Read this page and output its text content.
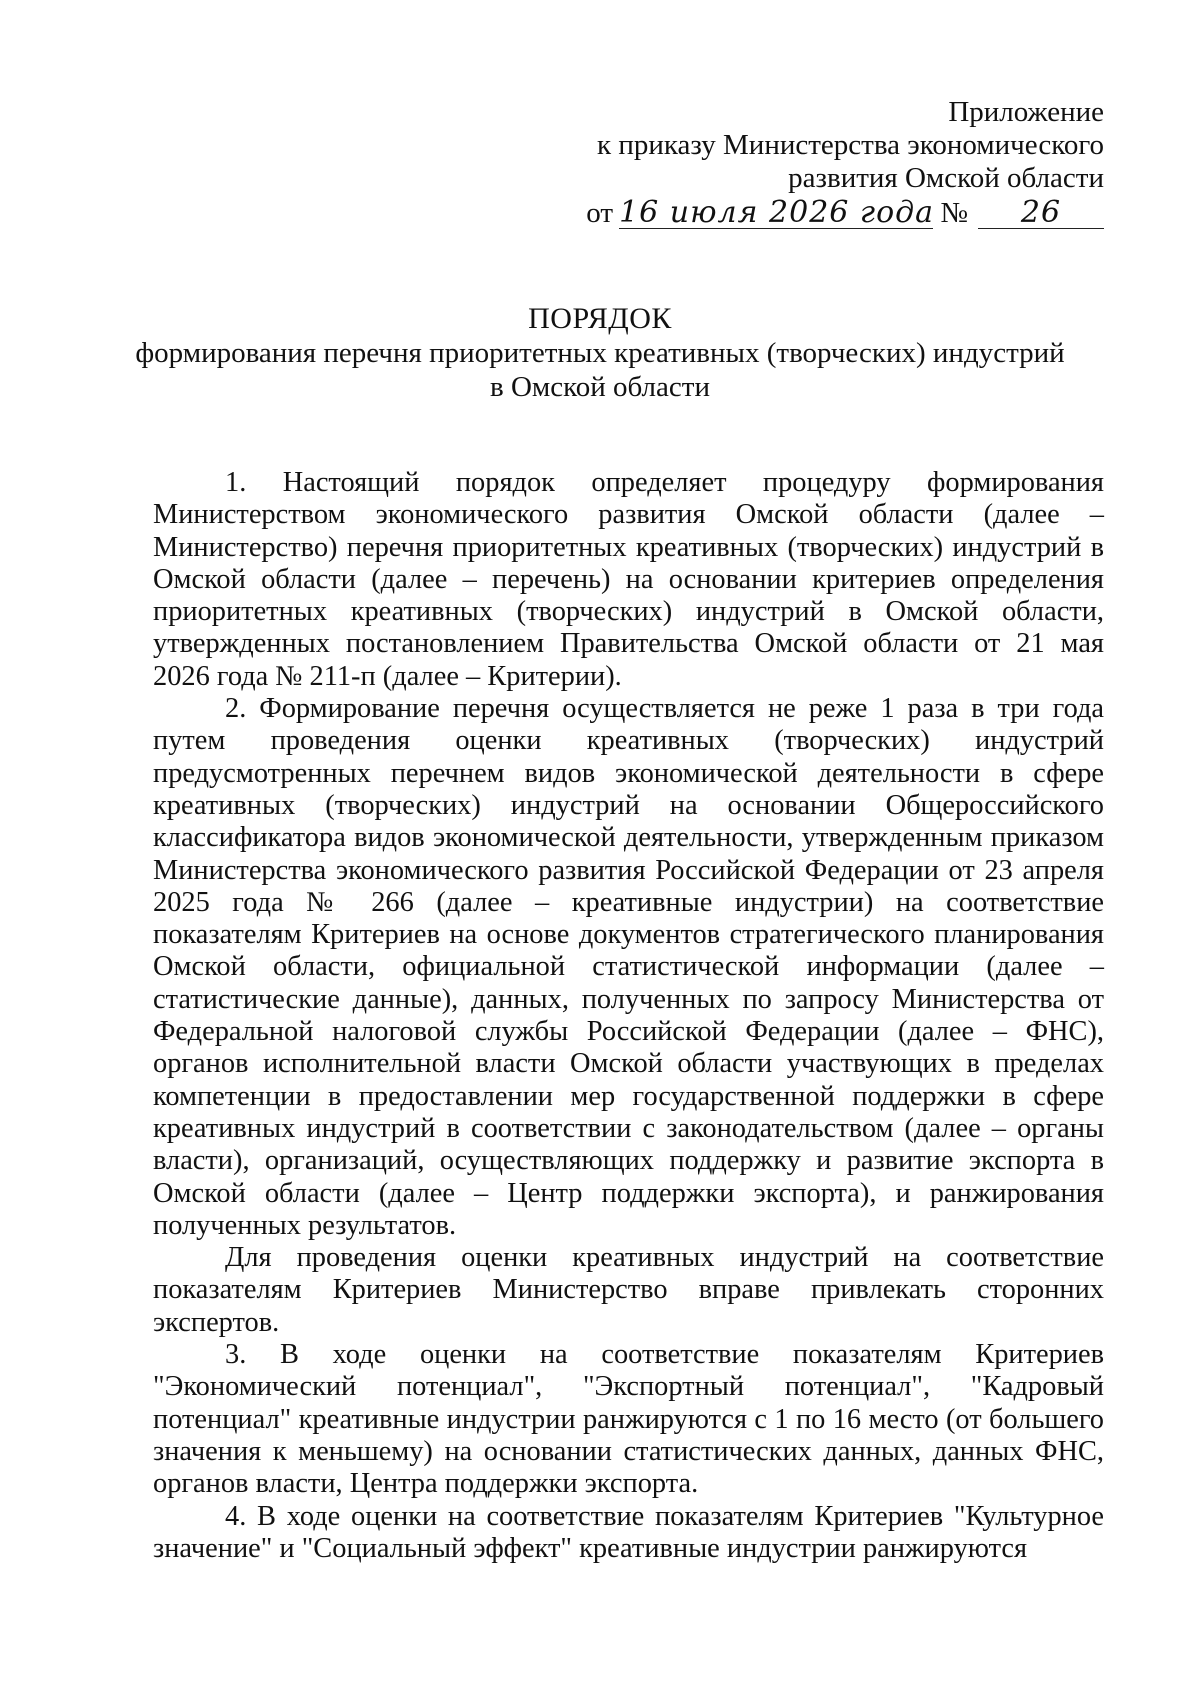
Приложение
к приказу Министерства экономического
развития Омской области
от 16 июля 2026 года № 26
ПОРЯДОК
формирования перечня приоритетных креативных (творческих) индустрий
в Омской области

1. Настоящий порядок определяет процедуру формирования Министерством экономического развития Омской области (далее – Министерство) перечня приоритетных креативных (творческих) индустрий в Омской области (далее – перечень) на основании критериев определения приоритетных креативных (творческих) индустрий в Омской области, утвержденных постановлением Правительства Омской области от 21 мая 2026 года № 211-п (далее – Критерии).

2. Формирование перечня осуществляется не реже 1 раза в три года путем проведения оценки креативных (творческих) индустрий предусмотренных перечнем видов экономической деятельности в сфере креативных (творческих) индустрий на основании Общероссийского классификатора видов экономической деятельности, утвержденным приказом Министерства экономического развития Российской Федерации от 23 апреля 2025 года № 266 (далее – креативные индустрии) на соответствие показателям Критериев на основе документов стратегического планирования Омской области, официальной статистической информации (далее – статистические данные), данных, полученных по запросу Министерства от Федеральной налоговой службы Российской Федерации (далее – ФНС), органов исполнительной власти Омской области участвующих в пределах компетенции в предоставлении мер государственной поддержки в сфере креативных индустрий в соответствии с законодательством (далее – органы власти), организаций, осуществляющих поддержку и развитие экспорта в Омской области (далее – Центр поддержки экспорта), и ранжирования полученных результатов.

Для проведения оценки креативных индустрий на соответствие показателям Критериев Министерство вправе привлекать сторонних экспертов.

3. В ходе оценки на соответствие показателям Критериев "Экономический потенциал", "Экспортный потенциал", "Кадровый потенциал" креативные индустрии ранжируются с 1 по 16 место (от большего значения к меньшему) на основании статистических данных, данных ФНС, органов власти, Центра поддержки экспорта.

4. В ходе оценки на соответствие показателям Критериев "Культурное значение" и "Социальный эффект" креативные индустрии ранжируются
